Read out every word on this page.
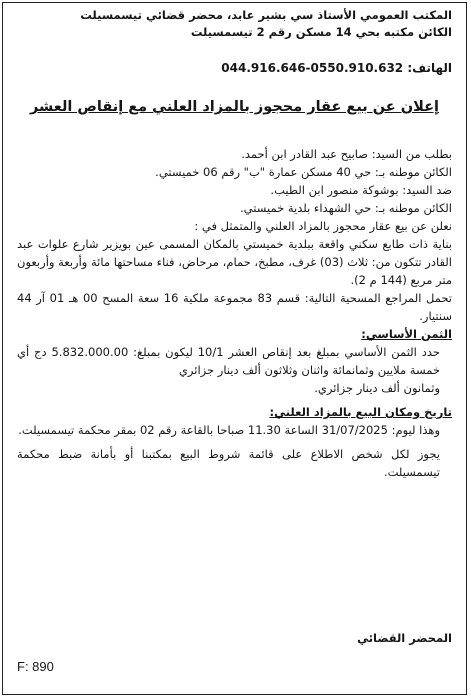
المكتب العمومي الأستاذ سي بشير عابد، محضر قضائي تيسمسيلت
الكائن مكتبه بحي 14 مسكن رقم 2 تيسمسيلت
الهاتف: 044.916.646-0550.910.632
إعلان عن بيع عقار محجوز بالمزاد العلني مع إنقاص العشر

بطلب من السيد: صابيح عبد القادر ابن أحمد.

الكائن موطنه بـ: حي 40 مسكن عمارة "ب" رقم 06 خميستي.

ضد السيد: بوشوكة منصور ابن الطيب.

الكائن موطنه بـ: حي الشهداء بلدية خميستي.

نعلن عن بيع عقار محجوز بالمزاد العلني والمتمثل في :

بناية ذات طابع سكني واقعة ببلدية خميستي بالمكان المسمى عين بويزير شارع علوات عبد القادر تتكون من: ثلاث (03) غرف، مطبخ، حمام، مرحاض، فناء مساحتها مائة وأربعة وأربعون متر مربع (144 م 2).

تحمل المراجع المسحية التالية: قسم 83 مجموعة ملكية 16 سعة المسح 00 هـ 01 آر 44 سنتيار.

الثمن الأساسي:

حدد الثمن الأساسي بمبلغ بعد إنقاص العشر 10/1 ليكون بمبلغ: 5.832.000.00 دج أي خمسة ملايين وثمانمائة واثنان وثلاثون ألف دينار جزائري

وثمانون ألف دينار جزائري.

تاريخ ومكان البيع بالمزاد العلني:

وهذا ليوم: 31/07/2025 الساعة 11.30 صباحا بالقاعة رقم 02 بمقر محكمة تيسمسيلت.

يجوز لكل شخص الاطلاع على قائمة شروط البيع بمكتبنا أو بأمانة ضبط محكمة تيسمسيلت.

المحضر القضائي
F: 890
